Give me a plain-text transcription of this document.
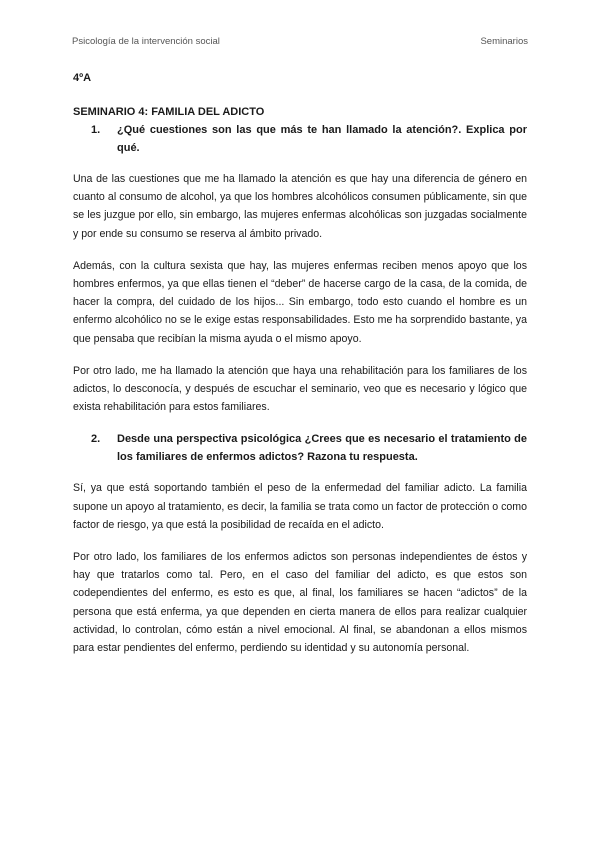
Psicología de la intervención social	Seminarios

4ºA

SEMINARIO 4: FAMILIA DEL ADICTO

1.	¿Qué cuestiones son las que más te han llamado la atención?. Explica por qué.

Una de las cuestiones que me ha llamado la atención es que hay una diferencia de género en cuanto al consumo de alcohol, ya que los hombres alcohólicos consumen públicamente, sin que se les juzgue por ello, sin embargo, las mujeres enfermas alcohólicas son juzgadas socialmente y por ende su consumo se reserva al ámbito privado.

Además, con la cultura sexista que hay, las mujeres enfermas reciben menos apoyo que los hombres enfermos, ya que ellas tienen el “deber” de hacerse cargo de la casa, de la comida, de hacer la compra, del cuidado de los hijos... Sin embargo, todo esto cuando el hombre es un enfermo alcohólico no se le exige estas responsabilidades. Esto me ha sorprendido bastante, ya que pensaba que recibían la misma ayuda o el mismo apoyo.

Por otro lado, me ha llamado la atención que haya una rehabilitación para los familiares de los adictos, lo desconocía, y después de escuchar el seminario, veo que es necesario y lógico que exista rehabilitación para estos familiares.

2.	Desde una perspectiva psicológica ¿Crees que es necesario el tratamiento de los familiares de enfermos adictos? Razona tu respuesta.

Sí, ya que está soportando también el peso de la enfermedad del familiar adicto. La familia supone un apoyo al tratamiento, es decir, la familia se trata como un factor de protección o como factor de riesgo, ya que está la posibilidad de recaída en el adicto.

Por otro lado, los familiares de los enfermos adictos son personas independientes de éstos y hay que tratarlos como tal. Pero, en el caso del familiar del adicto, es que estos son codependientes del enfermo, es esto es que, al final, los familiares se hacen “adictos” de la persona que está enferma, ya que dependen en cierta manera de ellos para realizar cualquier actividad, lo controlan, cómo están a nivel emocional. Al final, se abandonan a ellos mismos para estar pendientes del enfermo, perdiendo su identidad y su autonomía personal.
